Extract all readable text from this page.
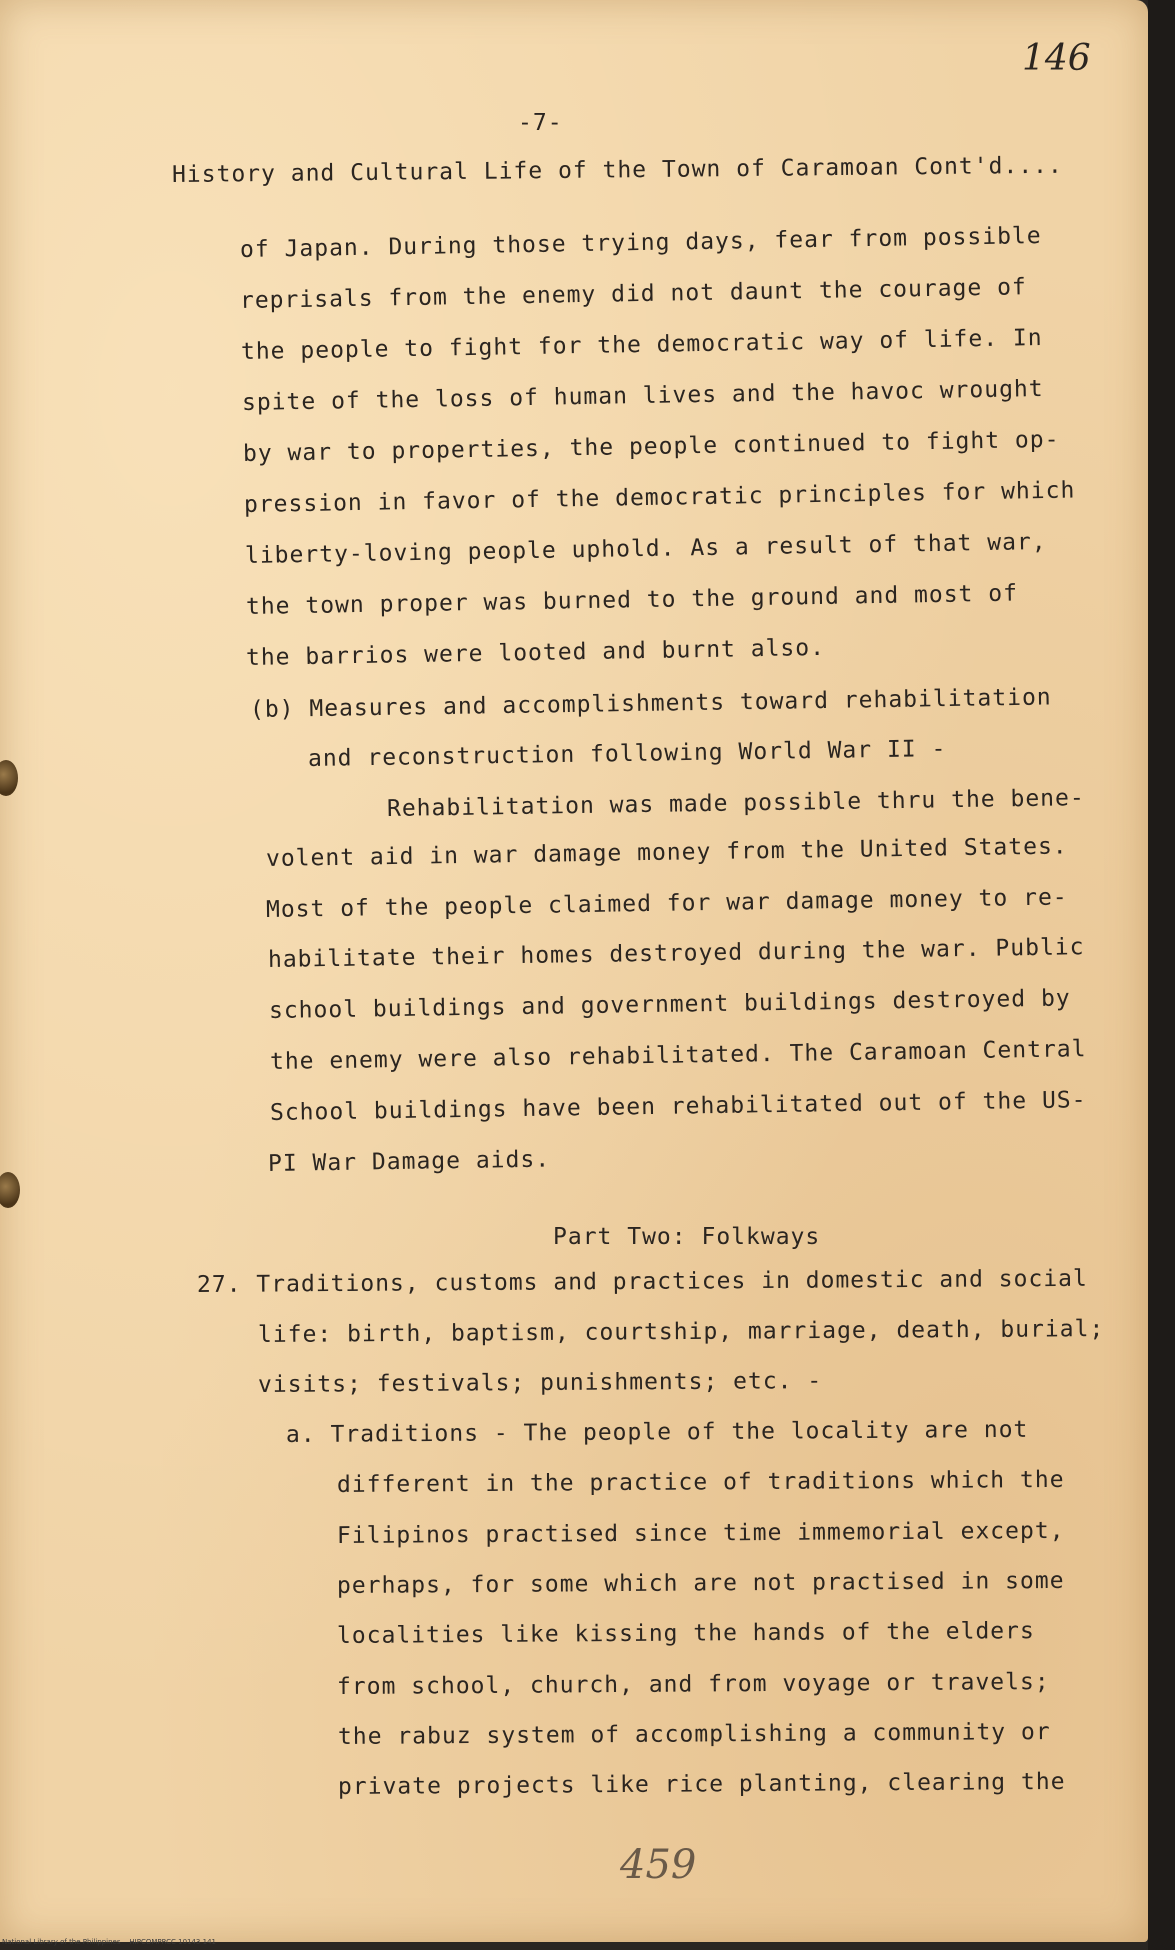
146
-7-
History and Cultural Life of the Town of Caramoan Cont'd....
of Japan. During those trying days, fear from possible
reprisals from the enemy did not daunt the courage of
the people to fight for the democratic way of life. In
spite of the loss of human lives and the havoc wrought
by war to properties, the people continued to fight op-
pression in favor of the democratic principles for which
liberty-loving people uphold. As a result of that war,
the town proper was burned to the ground and most of
the barrios were looted and burnt also.
(b) Measures and accomplishments toward rehabilitation
and reconstruction following World War II -
Rehabilitation was made possible thru the bene-
volent aid in war damage money from the United States.
Most of the people claimed for war damage money to re-
habilitate their homes destroyed during the war. Public
school buildings and government buildings destroyed by
the enemy were also rehabilitated. The Caramoan Central
School buildings have been rehabilitated out of the US-
PI War Damage aids.
Part Two: Folkways
27. Traditions, customs and practices in domestic and social
life: birth, baptism, courtship, marriage, death, burial;
visits; festivals; punishments; etc. -
a. Traditions - The people of the locality are not
different in the practice of traditions which the
Filipinos practised since time immemorial except,
perhaps, for some which are not practised in some
localities like kissing the hands of the elders
from school, church, and from voyage or travels;
the rabuz system of accomplishing a community or
private projects like rice planting, clearing the
459
National Library of the Philippines    HIPCOMPRCC 10143 141
